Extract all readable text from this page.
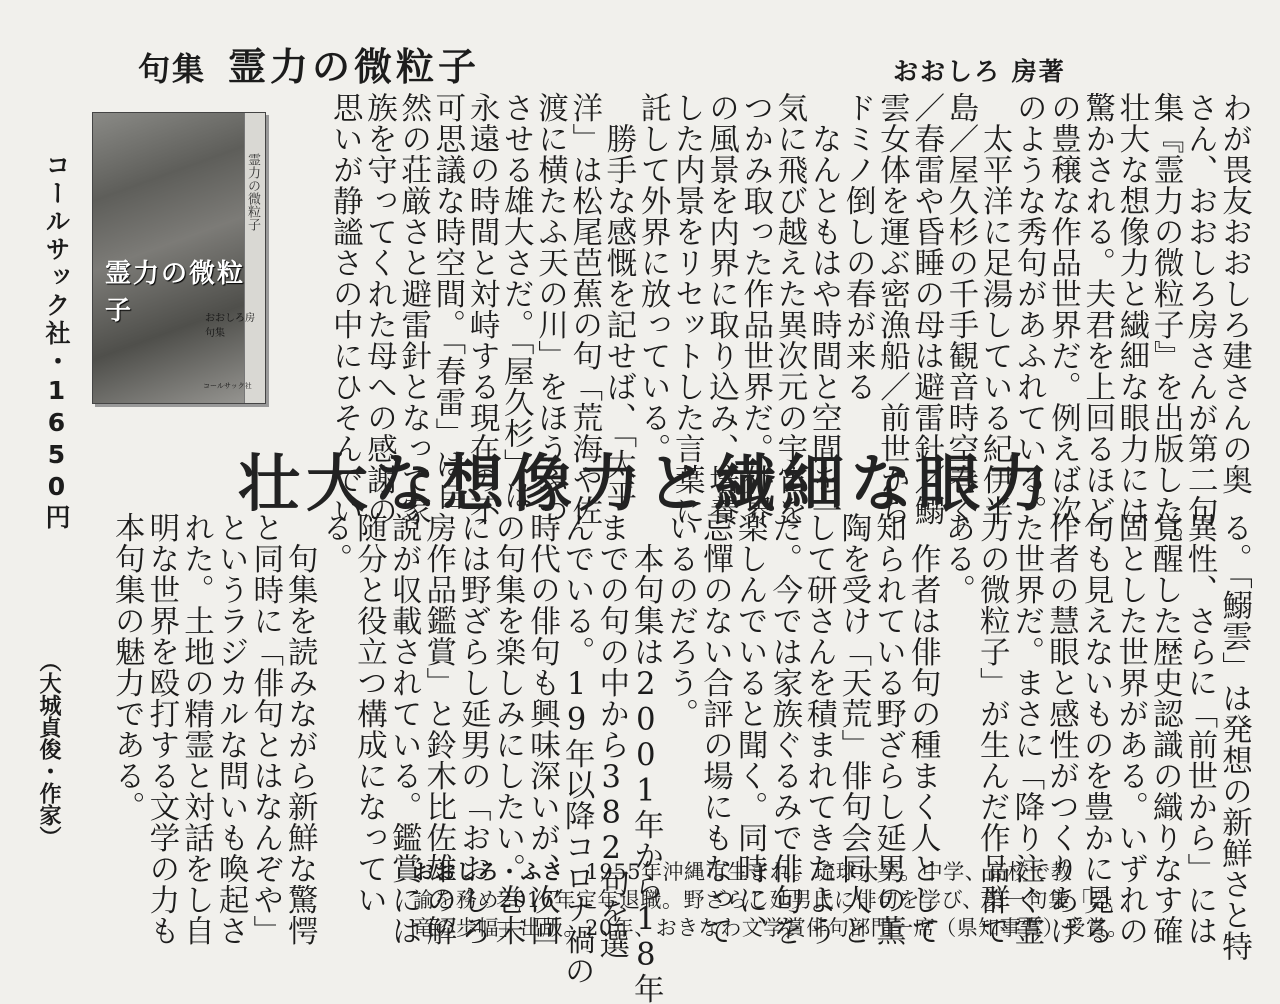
句集 霊力の微粒子	おおしろ 房著
霊力の微粒子
霊力の微粒子	おおしろ房 句集
コールサック社
コールサック社・1650円	わが畏友おおしろ建さんの奥
さん、おおしろ房さんが第二句
集『霊力の微粒子』を出版した。
壮大な想像力と繊細な眼力には
驚かされる。夫君を上回るほど
の豊穣な作品世界だ。例えば次
のような秀句があふれている。
　太平洋に足湯している紀伊半
島／屋久杉の千手観音時空巻く
／春雷や昏睡の母は避雷針／鰯
雲女体を運ぶ密漁船／前世から
ドミノ倒しの春が来る
　なんともはや時間と空間を一
気に飛び越えた異次元の宇宙を
つかみ取った作品世界だ。外界
の風景を内界に取り込み、培養
した内景をリセットした言葉に
託して外界に放っている。
　勝手な感慨を記せば、「太平
洋」は松尾芭蕉の句「荒海や佐
渡に横たふ天の川」をほうふつ
させる雄大さだ。「屋久杉」は
永遠の時間と対峙する現在の不
可思議な時空間。「春雷」は自
然の荘厳さと避雷針となって家
族を守ってくれた母への感謝の
思いが静謐さの中にひそんでい
壮大な想像力と繊細な眼力
る。「鰯雲」は発想の新鮮さと特
異性、さらに「前世から」には
覚醒した歴史認識の織りなす確
固とした世界がある。いずれの
句も見えないものを豊かに見る
作者の慧眼と感性がつくりあげ
た世界だ。まさに「降り注ぐ霊
力の微粒子」が生んだ作品群で
ある。
　作者は俳句の種まく人として
知られている野ざらし延男の薫
陶を受け「天荒」俳句会同人と
して研さんを積まれてきたよう
だ。今では家族ぐるみで俳句を
楽しんでいると聞く。同時に、
忌憚のない合評の場にもなって
いるのだろう。
　本句集は2001年から18年
までの句の中から382句を選
んでいる。19年以降コロナ禍の
時代の俳句も興味深いが、次回
の句集を楽しみにしたい。巻末
には野ざらし延男の「おおしろ
房作品鑑賞」と鈴木比佐雄の解
説が収載されている。鑑賞には
随分と役立つ構成になってい
る。
　句集を読みながら新鮮な驚愕
と同時に「俳句とはなんぞや」
というラジカルな問いも喚起さ
れた。土地の精霊と対話をし自
明な世界を殴打する文学の力も
本句集の魅力である。
（大城貞俊・作家）
おおしろ・ふさ 1955年沖縄市生まれ。琉球大卒。中学、高校で教
諭を務め2016年定年退職。野ざらし延男氏に俳句を学び、第一句集「恐
竜の歩幅」出版。20年、おきなわ文学賞俳句部門一席（県知事賞）受賞。
